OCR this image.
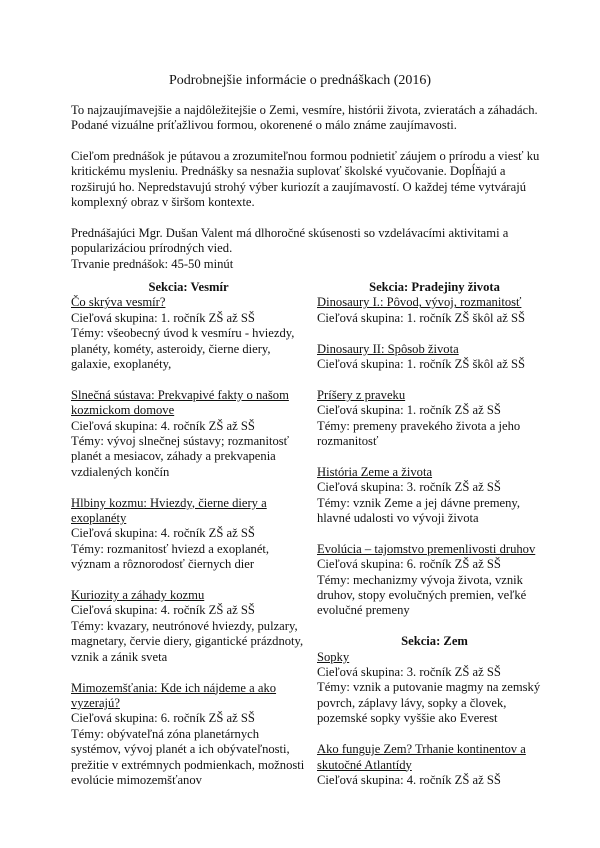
Podrobnejšie informácie o prednáškach (2016)

To najzaujímavejšie a najdôležitejšie o Zemi, vesmíre, histórii života, zvieratách a záhadách. Podané vizuálne príťažlivou formou, okorenené o málo známe zaujímavosti.

Cieľom prednášok je pútavou a zrozumiteľnou formou podnietiť záujem o prírodu a viesť ku kritickému mysleniu. Prednášky sa nesnažia suplovať školské vyučovanie. Dopĺňajú a rozširujú ho. Nepredstavujú strohý výber kuriozít a zaujímavostí. O každej téme vytvárajú komplexný obraz v širšom kontexte.

Prednášajúci Mgr. Dušan Valent má dlhoročné skúsenosti so vzdelávacími aktivitami a popularizáciou prírodných vied.

Trvanie prednášok: 45-50 minút

Sekcia: Vesmír
Čo skrýva vesmír?
Cieľová skupina: 1. ročník ZŠ až SŠ
Témy: všeobecný úvod k vesmíru - hviezdy, planéty, kométy, asteroidy, čierne diery, galaxie, exoplanéty,
Slnečná sústava: Prekvapivé fakty o našom kozmickom domove
Cieľová skupina: 4. ročník ZŠ až SŠ
Témy: vývoj slnečnej sústavy; rozmanitosť planét a mesiacov, záhady a prekvapenia vzdialených končín
Hlbiny kozmu: Hviezdy, čierne diery a exoplanéty
Cieľová skupina: 4. ročník ZŠ až SŠ
Témy: rozmanitosť hviezd a exoplanét, význam a rôznorodosť čiernych dier
Kuriozity a záhady kozmu
Cieľová skupina: 4. ročník ZŠ až SŠ
Témy: kvazary, neutrónové hviezdy, pulzary, magnetary, červie diery, gigantické prázdnoty, vznik a zánik sveta
Mimozemšťania: Kde ich nájdeme a ako vyzerajú?
Cieľová skupina: 6. ročník ZŠ až SŠ
Témy: obývateľná zóna planetárnych systémov, vývoj planét a ich obývateľnosti, prežitie v extrémnych podmienkach, možnosti evolúcie mimozemšťanov
Sekcia: Pradejiny života
Dinosaury I.: Pôvod, vývoj, rozmanitosť
Cieľová skupina: 1. ročník ZŠ škôl až SŠ
Dinosaury II: Spôsob života
Cieľová skupina: 1. ročník ZŠ škôl až SŠ
Príšery z praveku
Cieľová skupina: 1. ročník ZŠ až SŠ
Témy: premeny pravekého života a jeho rozmanitosť
História Zeme a života
Cieľová skupina: 3. ročník ZŠ až SŠ
Témy: vznik Zeme a jej dávne premeny, hlavné udalosti vo vývoji života
Evolúcia – tajomstvo premenlivosti druhov
Cieľová skupina: 6. ročník ZŠ až SŠ
Témy: mechanizmy vývoja života, vznik druhov, stopy evolučných premien, veľké evolučné premeny
Sekcia: Zem
Sopky
Cieľová skupina: 3. ročník ZŠ až SŠ
Témy: vznik a putovanie magmy na zemský povrch, záplavy lávy, sopky a človek, pozemské sopky vyššie ako Everest
Ako funguje Zem? Trhanie kontinentov a skutočné Atlantídy
Cieľová skupina: 4. ročník ZŠ až SŠ
